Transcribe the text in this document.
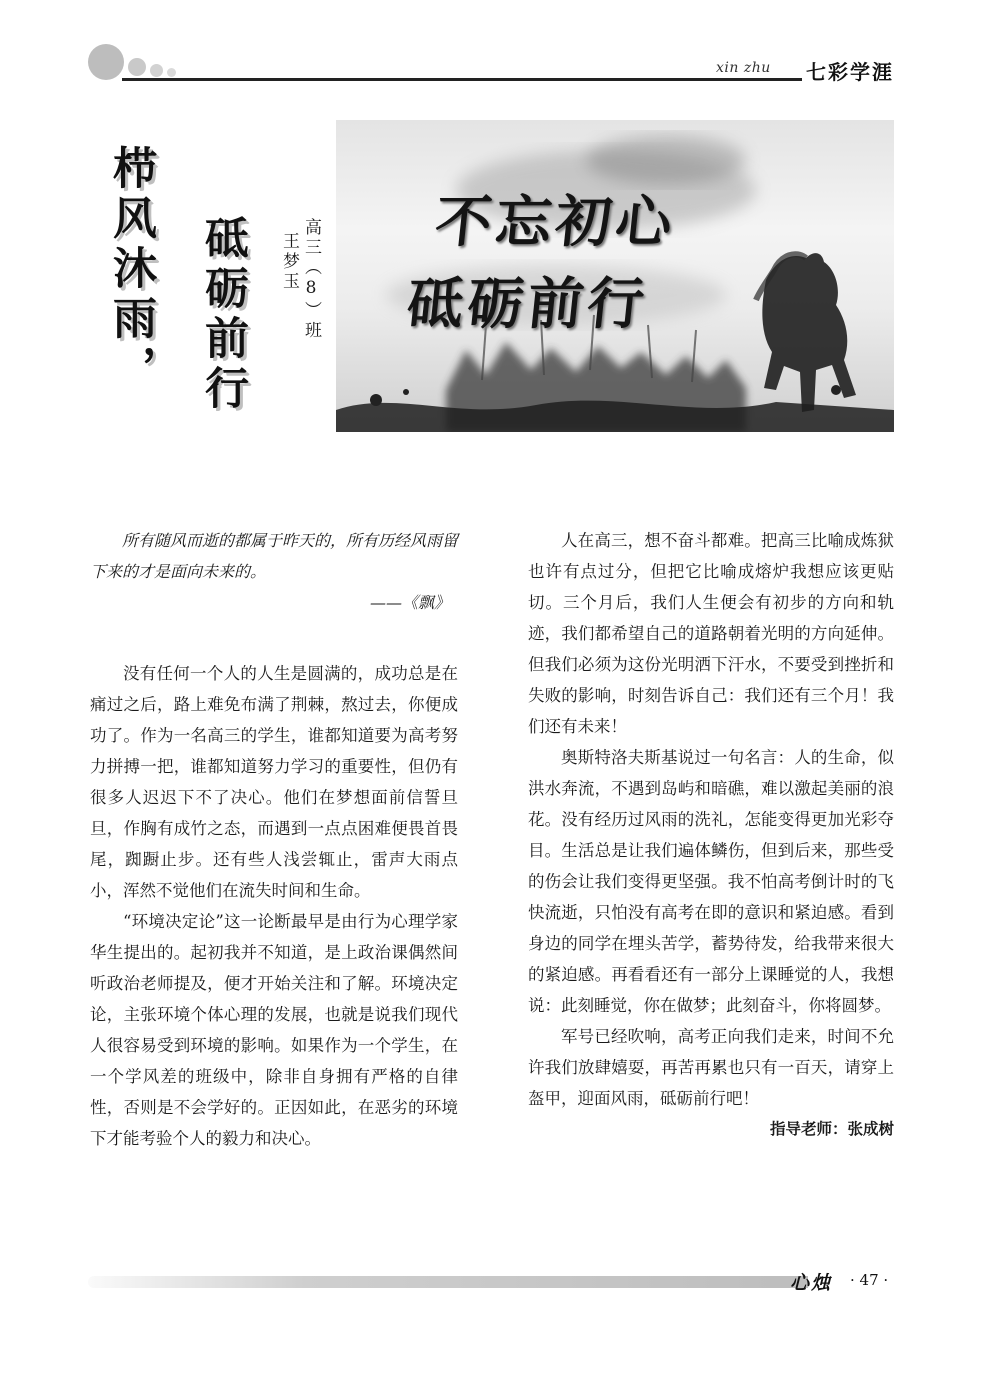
xin zhu 七彩学涯
栉风沐雨， 砥砺前行	高三（8）班
王梦玉
不忘初心
砥砺前行

所有随风而逝的都属于昨天的，所有历经风雨留下来的才是面向未来的。

——《飘》

没有任何一个人的人生是圆满的，成功总是在痛过之后，路上难免布满了荆棘，熬过去，你便成功了。作为一名高三的学生，谁都知道要为高考努力拼搏一把，谁都知道努力学习的重要性，但仍有很多人迟迟下不了决心。他们在梦想面前信誓旦旦，作胸有成竹之态，而遇到一点点困难便畏首畏尾，踟蹰止步。还有些人浅尝辄止，雷声大雨点小，浑然不觉他们在流失时间和生命。

“环境决定论”这一论断最早是由行为心理学家华生提出的。起初我并不知道，是上政治课偶然间听政治老师提及，便才开始关注和了解。环境决定论，主张环境个体心理的发展，也就是说我们现代人很容易受到环境的影响。如果作为一个学生，在一个学风差的班级中，除非自身拥有严格的自律性，否则是不会学好的。正因如此，在恶劣的环境下才能考验个人的毅力和决心。

人在高三，想不奋斗都难。把高三比喻成炼狱也许有点过分，但把它比喻成熔炉我想应该更贴切。三个月后，我们人生便会有初步的方向和轨迹，我们都希望自己的道路朝着光明的方向延伸。但我们必须为这份光明洒下汗水，不要受到挫折和失败的影响，时刻告诉自己：我们还有三个月！我们还有未来！

奥斯特洛夫斯基说过一句名言：人的生命，似洪水奔流，不遇到岛屿和暗礁，难以激起美丽的浪花。没有经历过风雨的洗礼，怎能变得更加光彩夺目。生活总是让我们遍体鳞伤，但到后来，那些受的伤会让我们变得更坚强。我不怕高考倒计时的飞快流逝，只怕没有高考在即的意识和紧迫感。看到身边的同学在埋头苦学，蓄势待发，给我带来很大的紧迫感。再看看还有一部分上课睡觉的人，我想说：此刻睡觉，你在做梦；此刻奋斗，你将圆梦。

军号已经吹响，高考正向我们走来，时间不允许我们放肆嬉耍，再苦再累也只有一百天，请穿上盔甲，迎面风雨，砥砺前行吧！

指导老师：张成树

心烛 · 47 ·
